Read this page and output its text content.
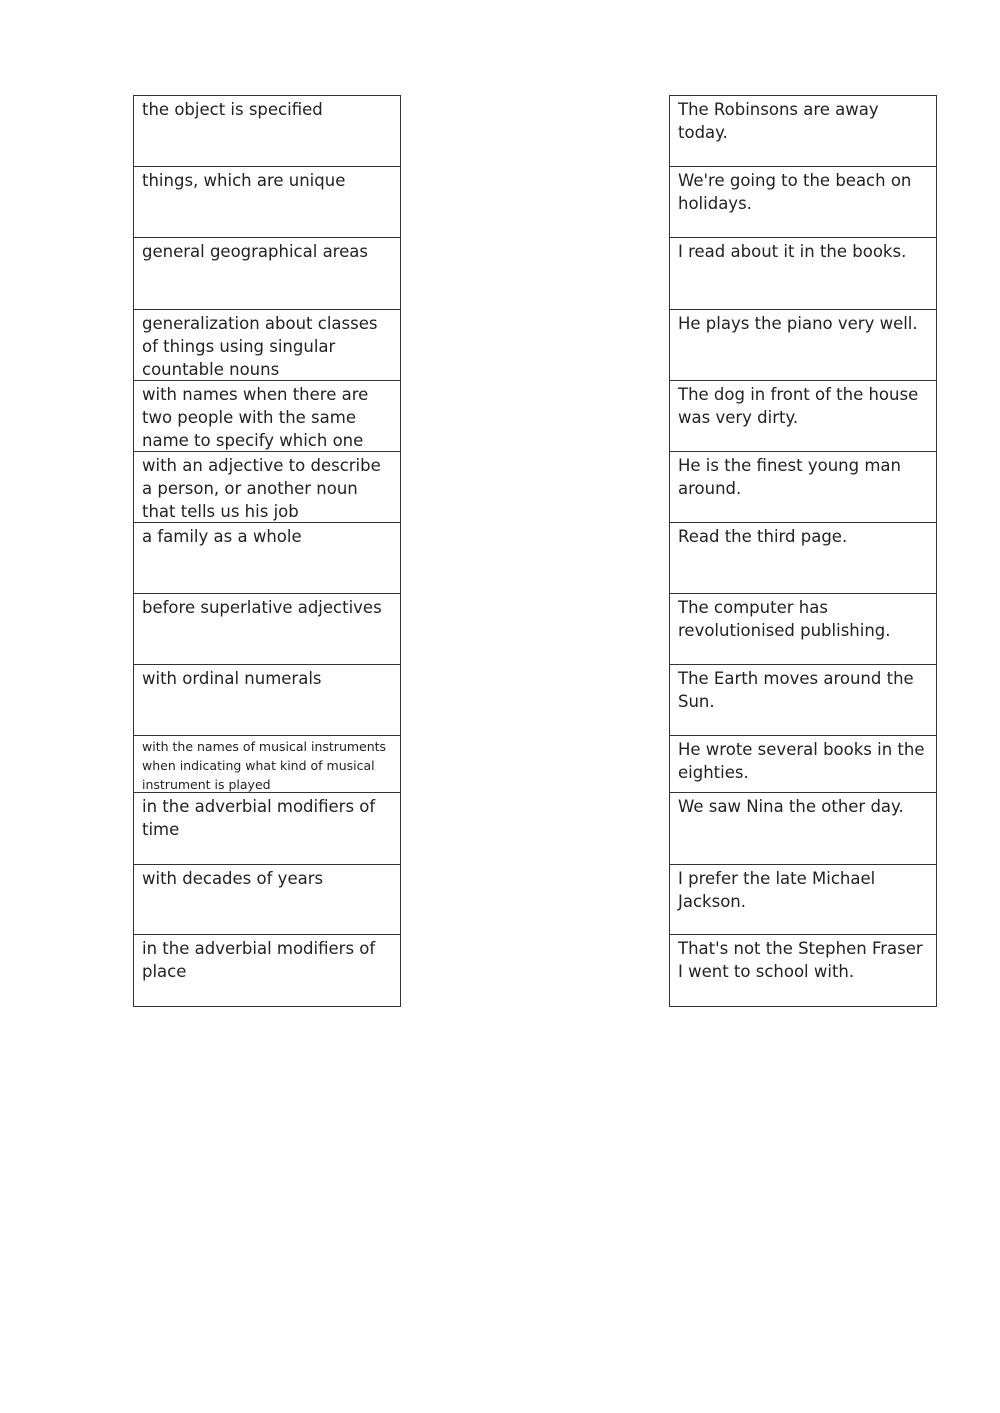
the object is specified
things, which are unique
general geographical areas
generalization about classes of things using singular countable nouns
with names when there are two people with the same name to specify which one
with an adjective to describe a person, or another noun that tells us his job
a family as a whole
before superlative adjectives
with ordinal numerals
with the names of musical instruments when indicating what kind of musical instrument is played
in the adverbial modifiers of time
with decades of years
in the adverbial modifiers of place
The Robinsons are away today.
We're going to the beach on holidays.
I read about it in the books.
He plays the piano very well.
The dog in front of the house was very dirty.
He is the finest young man around.
Read the third page.
The computer has revolutionised publishing.
The Earth moves around the Sun.
He wrote several books in the eighties.
We saw Nina the other day.
I prefer the late Michael Jackson.
That's not the Stephen Fraser I went to school with.
